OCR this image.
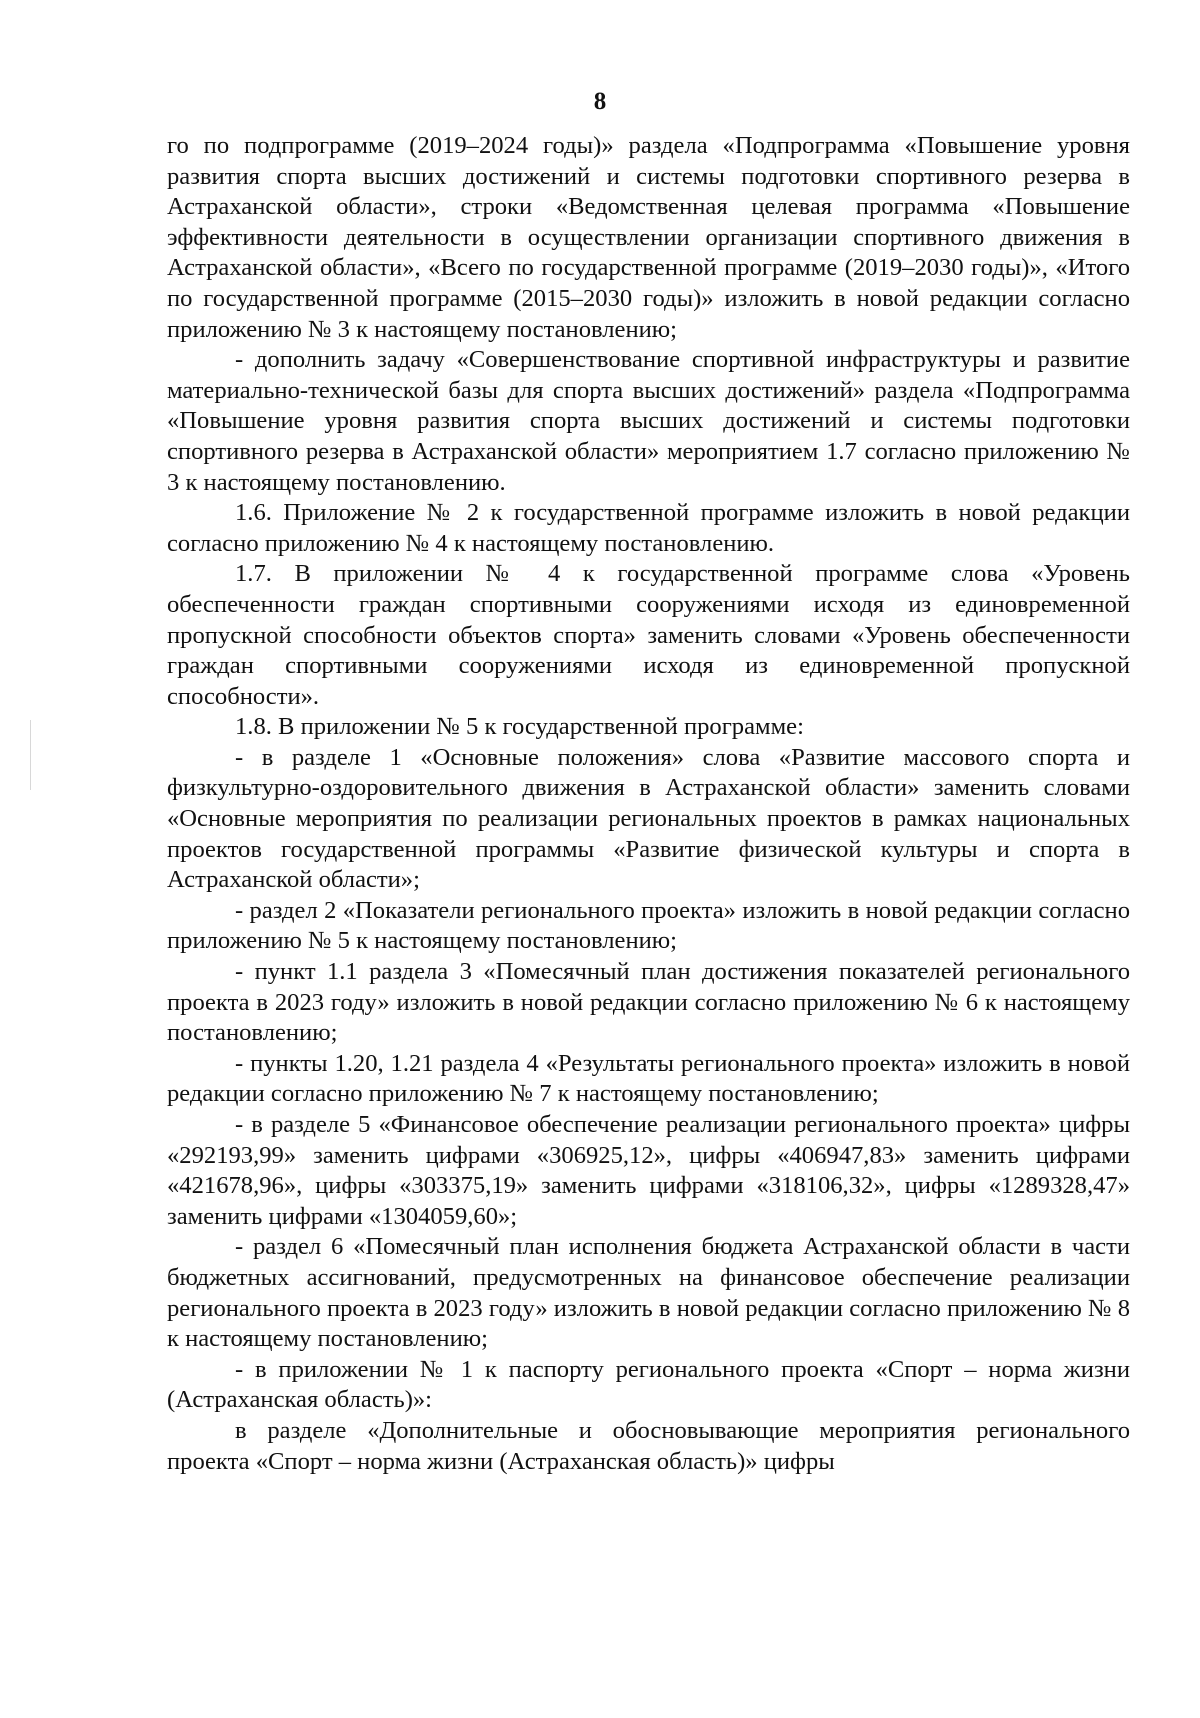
8

го по подпрограмме (2019–2024 годы)» раздела «Подпрограмма «Повышение уровня развития спорта высших достижений и системы подготовки спортивного резерва в Астраханской области», строки «Ведомственная целевая программа «Повышение эффективности деятельности в осуществлении организации спортивного движения в Астраханской области», «Всего по государственной программе (2019–2030 годы)», «Итого по государственной программе (2015–2030 годы)» изложить в новой редакции согласно приложению № 3 к настоящему постановлению;

- дополнить задачу «Совершенствование спортивной инфраструктуры и развитие материально-технической базы для спорта высших достижений» раздела «Подпрограмма «Повышение уровня развития спорта высших достижений и системы подготовки спортивного резерва в Астраханской области» мероприятием 1.7 согласно приложению № 3 к настоящему постановлению.

1.6. Приложение № 2 к государственной программе изложить в новой редакции согласно приложению № 4 к настоящему постановлению.

1.7. В приложении № 4 к государственной программе слова «Уровень обеспеченности граждан спортивными сооружениями исходя из единовременной пропускной способности объектов спорта» заменить словами «Уровень обеспеченности граждан спортивными сооружениями исходя из единовременной пропускной способности».

1.8. В приложении № 5 к государственной программе:

- в разделе 1 «Основные положения» слова «Развитие массового спорта и физкультурно-оздоровительного движения в Астраханской области» заменить словами «Основные мероприятия по реализации региональных проектов в рамках национальных проектов государственной программы «Развитие физической культуры и спорта в Астраханской области»;

- раздел 2 «Показатели регионального проекта» изложить в новой редакции согласно приложению № 5 к настоящему постановлению;

- пункт 1.1 раздела 3 «Помесячный план достижения показателей регионального проекта в 2023 году» изложить в новой редакции согласно приложению № 6 к настоящему постановлению;

- пункты 1.20, 1.21 раздела 4 «Результаты регионального проекта» изложить в новой редакции согласно приложению № 7 к настоящему постановлению;

- в разделе 5 «Финансовое обеспечение реализации регионального проекта» цифры «292193,99» заменить цифрами «306925,12», цифры «406947,83» заменить цифрами «421678,96», цифры «303375,19» заменить цифрами «318106,32», цифры «1289328,47» заменить цифрами «1304059,60»;

- раздел 6 «Помесячный план исполнения бюджета Астраханской области в части бюджетных ассигнований, предусмотренных на финансовое обеспечение реализации регионального проекта в 2023 году» изложить в новой редакции согласно приложению № 8 к настоящему постановлению;

- в приложении № 1 к паспорту регионального проекта «Спорт – норма жизни (Астраханская область)»:

в разделе «Дополнительные и обосновывающие мероприятия регионального проекта «Спорт – норма жизни (Астраханская область)» цифры
